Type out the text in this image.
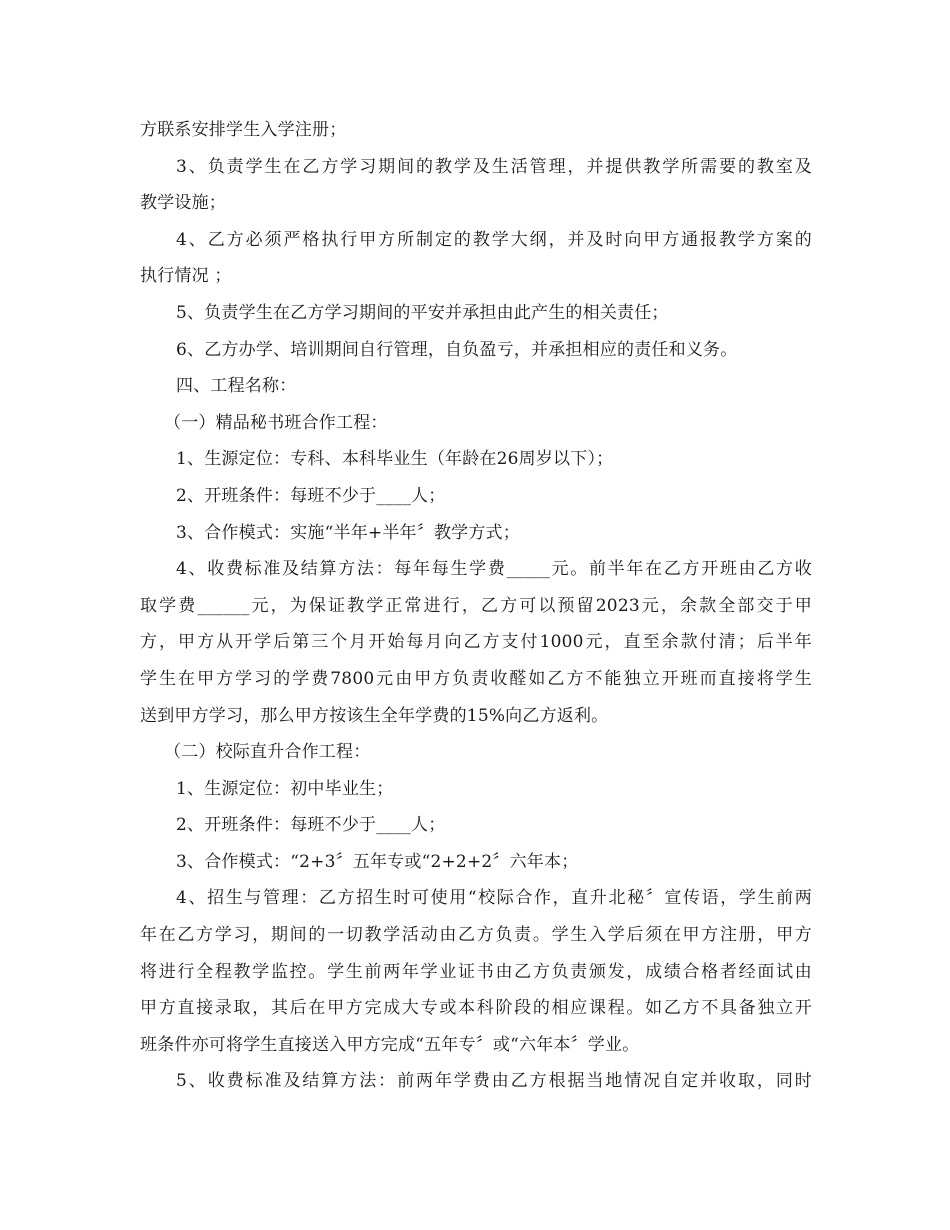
方联系安排学生入学注册；
3、负责学生在乙方学习期间的教学及生活管理，并提供教学所需要的教室及
教学设施；
4、乙方必须严格执行甲方所制定的教学大纲，并及时向甲方通报教学方案的
执行情况 ；
5、负责学生在乙方学习期间的平安并承担由此产生的相关责任；
6、乙方办学、培训期间自行管理，自负盈亏，并承担相应的责任和义务。
四、工程名称：
（一）精品秘书班合作工程：
1、生源定位：专科、本科毕业生（年龄在26周岁以下）；
2、开班条件：每班不少于____人；
3、合作模式：实施“半年+半年〞教学方式；
4、收费标准及结算方法：每年每生学费_____元。前半年在乙方开班由乙方收
取学费______元，为保证教学正常进行，乙方可以预留2023元，余款全部交于甲
方，甲方从开学后第三个月开始每月向乙方支付1000元，直至余款付清；后半年
学生在甲方学习的学费7800元由甲方负责收醛如乙方不能独立开班而直接将学生
送到甲方学习，那么甲方按该生全年学费的15%向乙方返利。
（二）校际直升合作工程：
1、生源定位：初中毕业生；
2、开班条件：每班不少于____人；
3、合作模式：“2+3〞五年专或“2+2+2〞六年本；
4、招生与管理：乙方招生时可使用“校际合作，直升北秘〞宣传语，学生前两
年在乙方学习，期间的一切教学活动由乙方负责。学生入学后须在甲方注册，甲方
将进行全程教学监控。学生前两年学业证书由乙方负责颁发，成绩合格者经面试由
甲方直接录取，其后在甲方完成大专或本科阶段的相应课程。如乙方不具备独立开
班条件亦可将学生直接送入甲方完成“五年专〞或“六年本〞学业。
5、收费标准及结算方法：前两年学费由乙方根据当地情况自定并收取，同时
